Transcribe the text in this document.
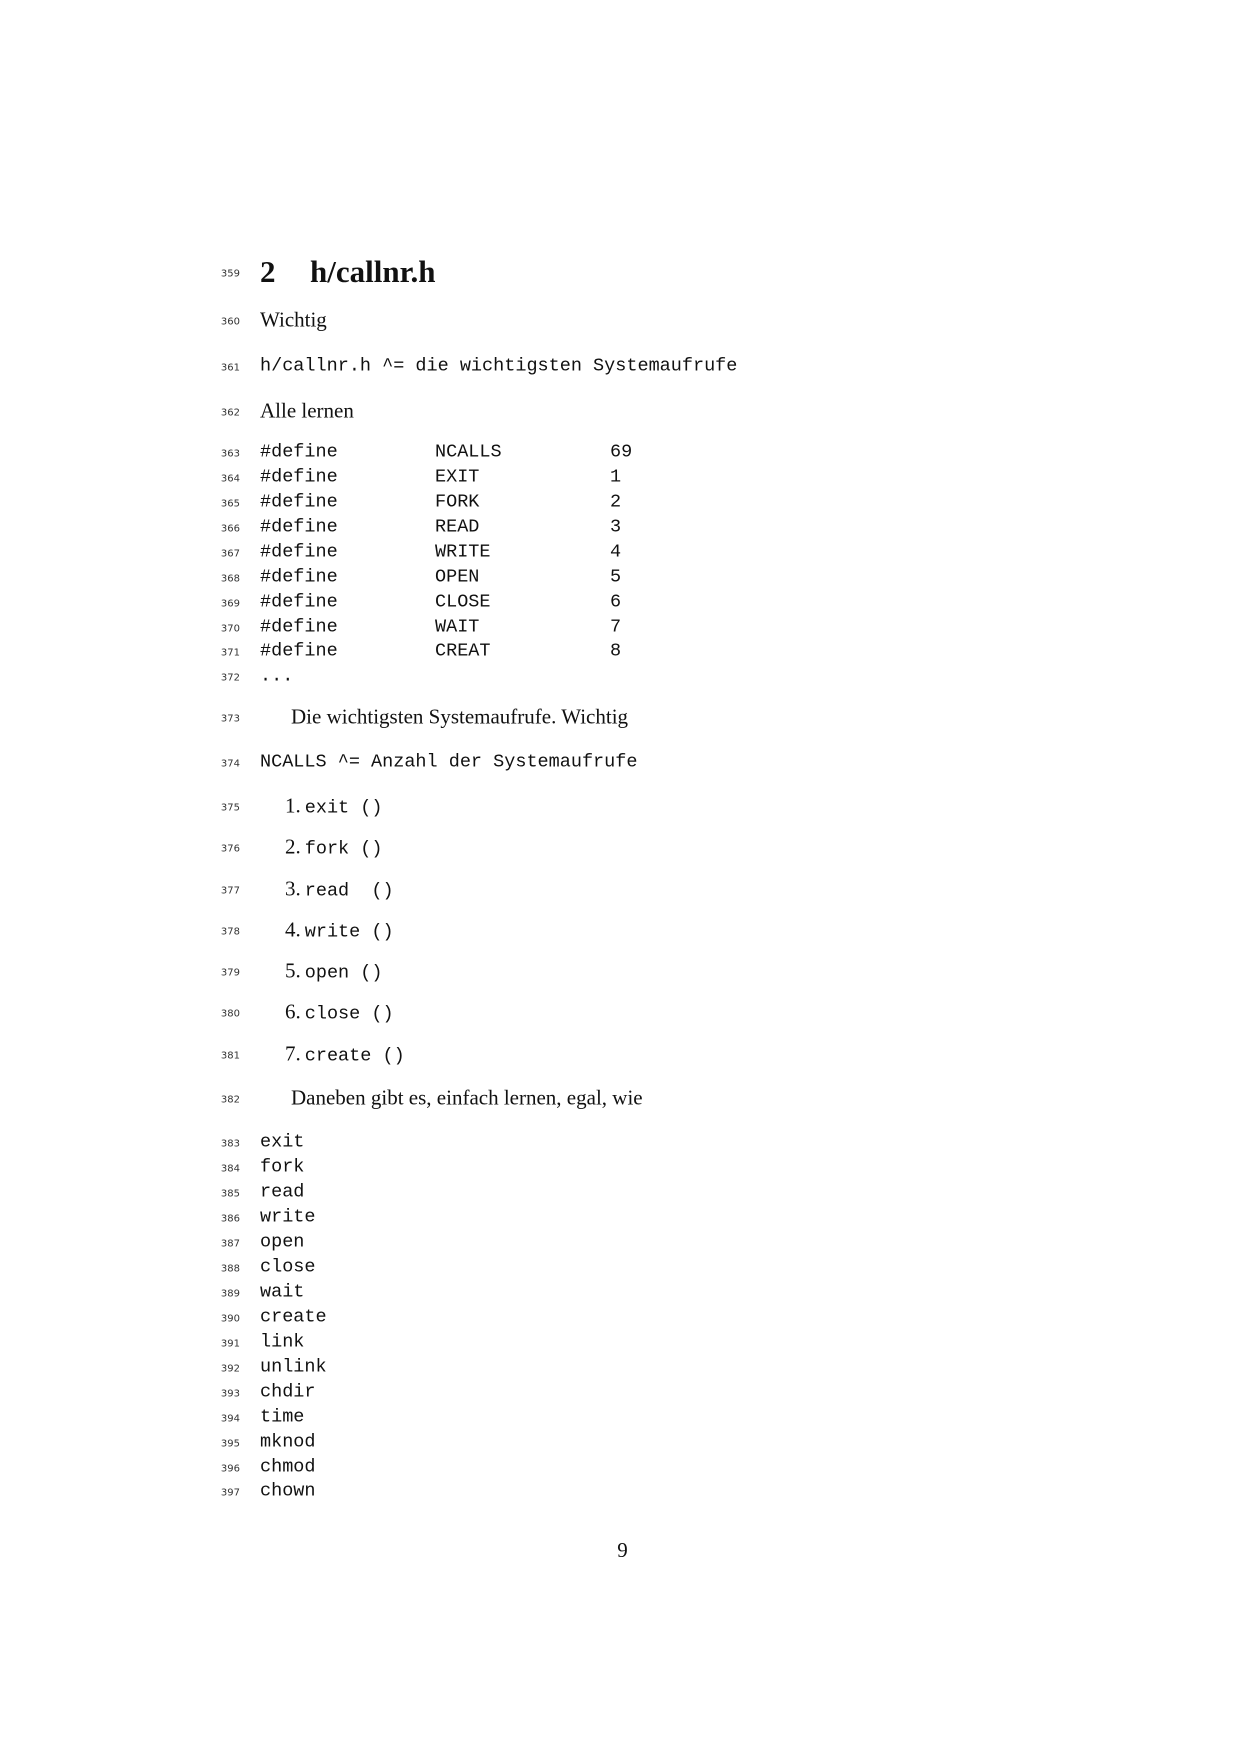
359 2 h/callnr.h
360 Wichtig
361 h/callnr.h ^= die wichtigsten Systemaufrufe
362 Alle lernen
363 #define	NCALLS	69
364 #define	EXIT	1
365 #define	FORK	2
366 #define	READ	3
367 #define	WRITE	4
368 #define	OPEN	5
369 #define	CLOSE	6
370 #define	WAIT	7
371 #define	CREAT	8
372 ...
373 Die wichtigsten Systemaufrufe. Wichtig
374 NCALLS ^= Anzahl der Systemaufrufe
375 1. exit ()
376 2. fork ()
377 3. read  ()
378 4. write ()
379 5. open ()
380 6. close ()
381 7. create ()
382 Daneben gibt es, einfach lernen, egal, wie
383 exit
384 fork
385 read
386 write
387 open
388 close
389 wait
390 create
391 link
392 unlink
393 chdir
394 time
395 mknod
396 chmod
397 chown
9
